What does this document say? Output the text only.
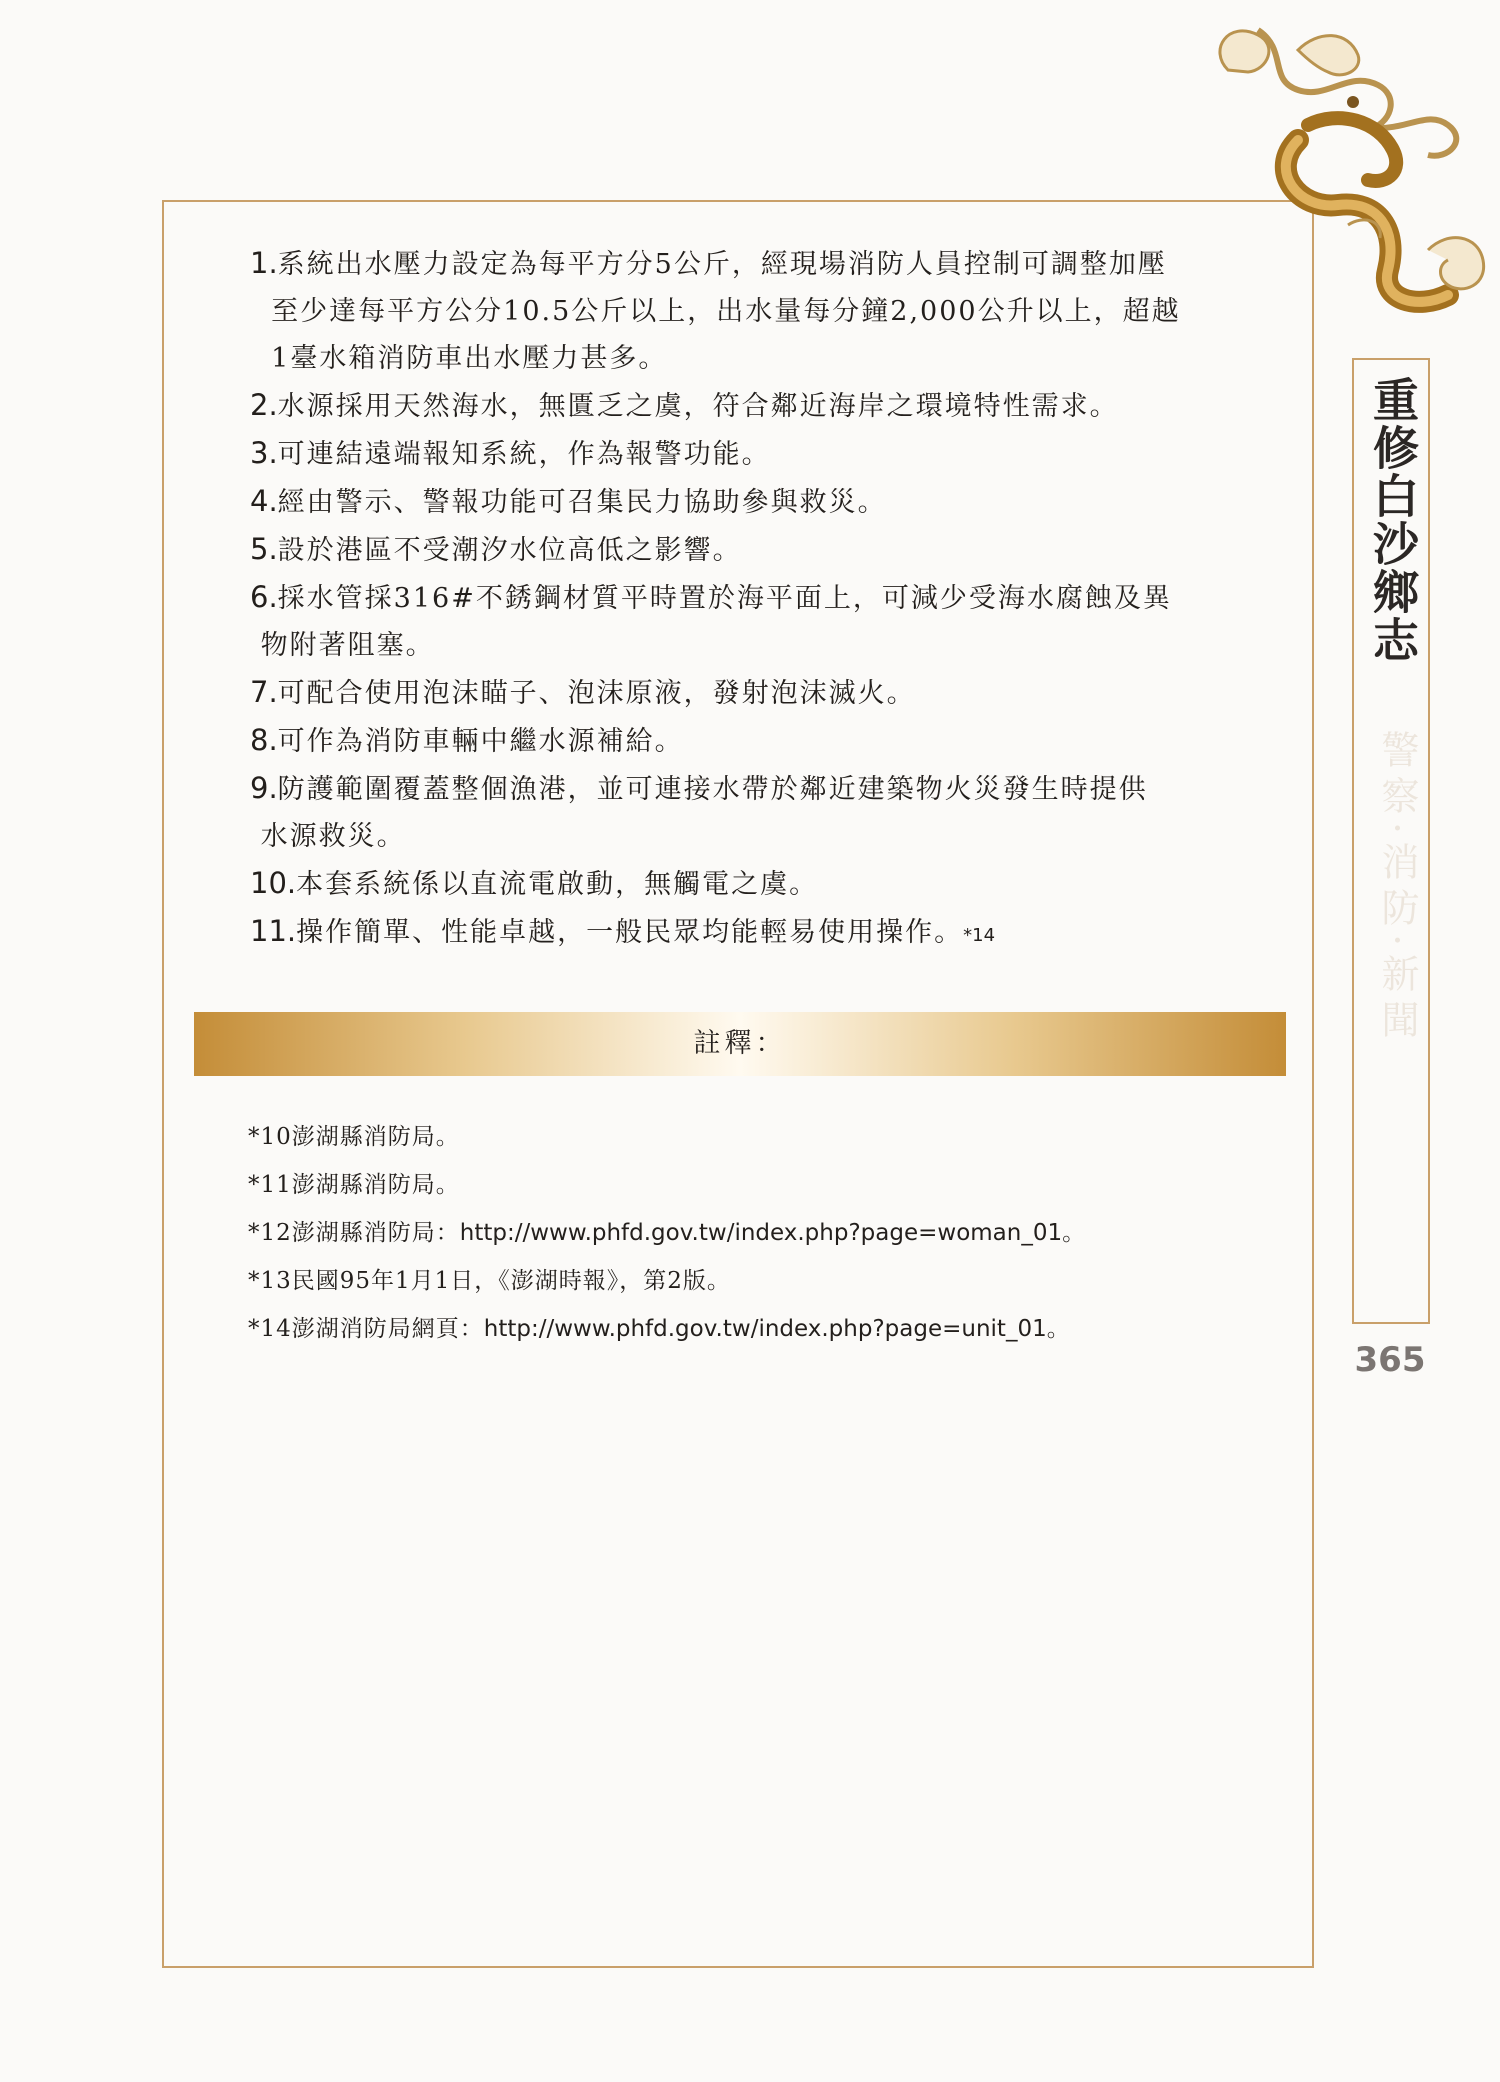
重修白沙鄉志
警察·消防·新聞
365
1.系統出水壓力設定為每平方分5公斤，經現場消防人員控制可調整加壓
至少達每平方公分10.5公斤以上，出水量每分鐘2,000公升以上，超越
1臺水箱消防車出水壓力甚多。
2.水源採用天然海水，無匱乏之虞，符合鄰近海岸之環境特性需求。
3.可連結遠端報知系統，作為報警功能。
4.經由警示、警報功能可召集民力協助參與救災。
5.設於港區不受潮汐水位高低之影響。
6.採水管採316#不銹鋼材質平時置於海平面上，可減少受海水腐蝕及異
物附著阻塞。
7.可配合使用泡沫瞄子、泡沫原液，發射泡沫滅火。
8.可作為消防車輛中繼水源補給。
9.防護範圍覆蓋整個漁港，並可連接水帶於鄰近建築物火災發生時提供
水源救災。
10.本套系統係以直流電啟動，無觸電之虞。
11.操作簡單、性能卓越，一般民眾均能輕易使用操作。*14
註釋：
*10澎湖縣消防局。
*11澎湖縣消防局。
*12澎湖縣消防局：http://www.phfd.gov.tw/index.php?page=woman_01。
*13民國95年1月1日，《澎湖時報》，第2版。
*14澎湖消防局網頁：http://www.phfd.gov.tw/index.php?page=unit_01。
